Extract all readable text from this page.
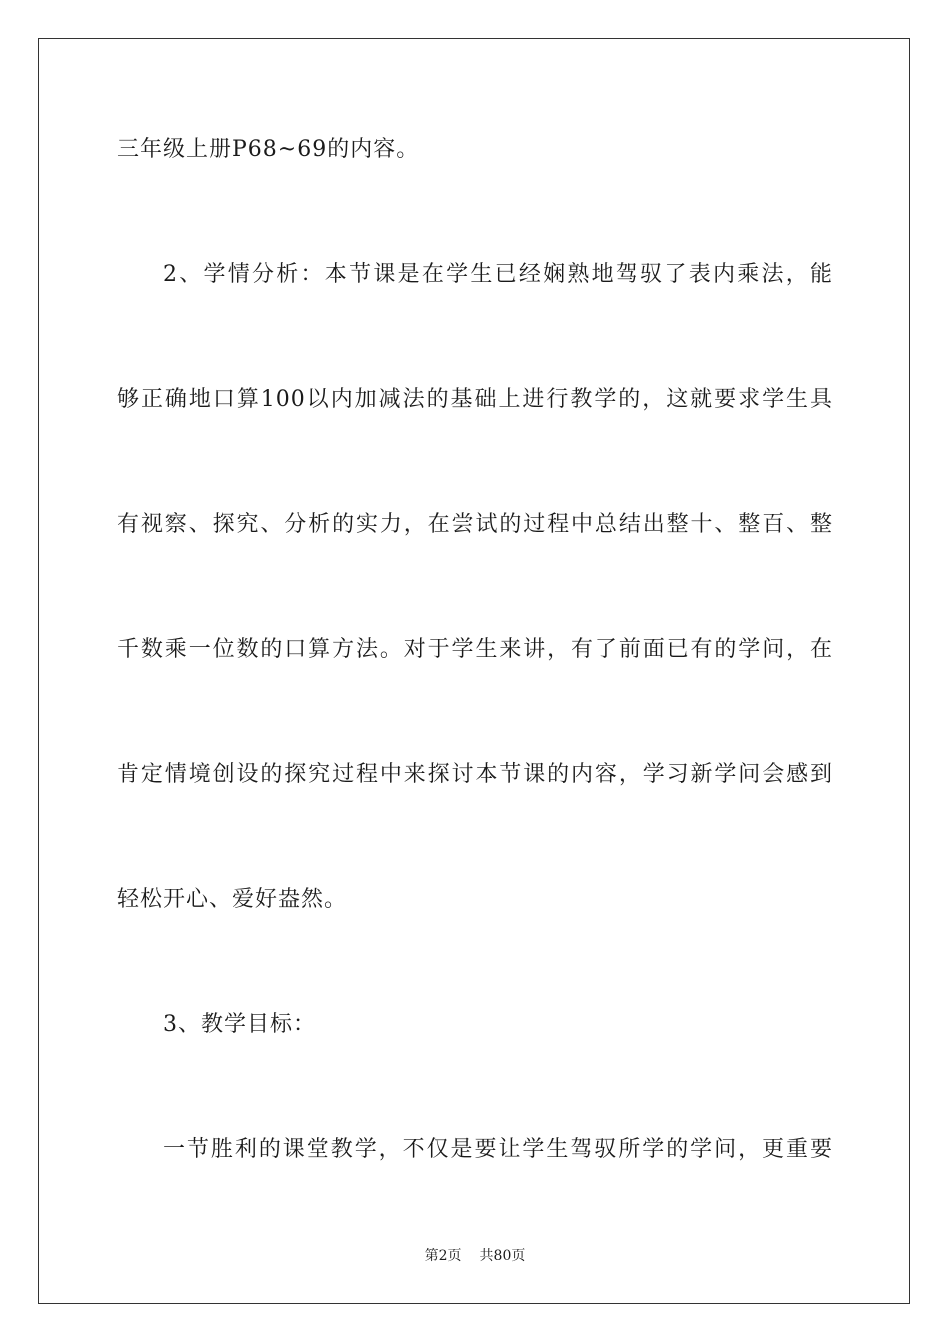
三年级上册P68~69的内容。
2、学情分析：本节课是在学生已经娴熟地驾驭了表内乘法，能
够正确地口算100以内加减法的基础上进行教学的，这就要求学生具
有视察、探究、分析的实力，在尝试的过程中总结出整十、整百、整
千数乘一位数的口算方法。对于学生来讲，有了前面已有的学问，在
肯定情境创设的探究过程中来探讨本节课的内容，学习新学问会感到
轻松开心、爱好盎然。
3、教学目标：
一节胜利的课堂教学，不仅是要让学生驾驭所学的学问，更重要
第2页 共80页
